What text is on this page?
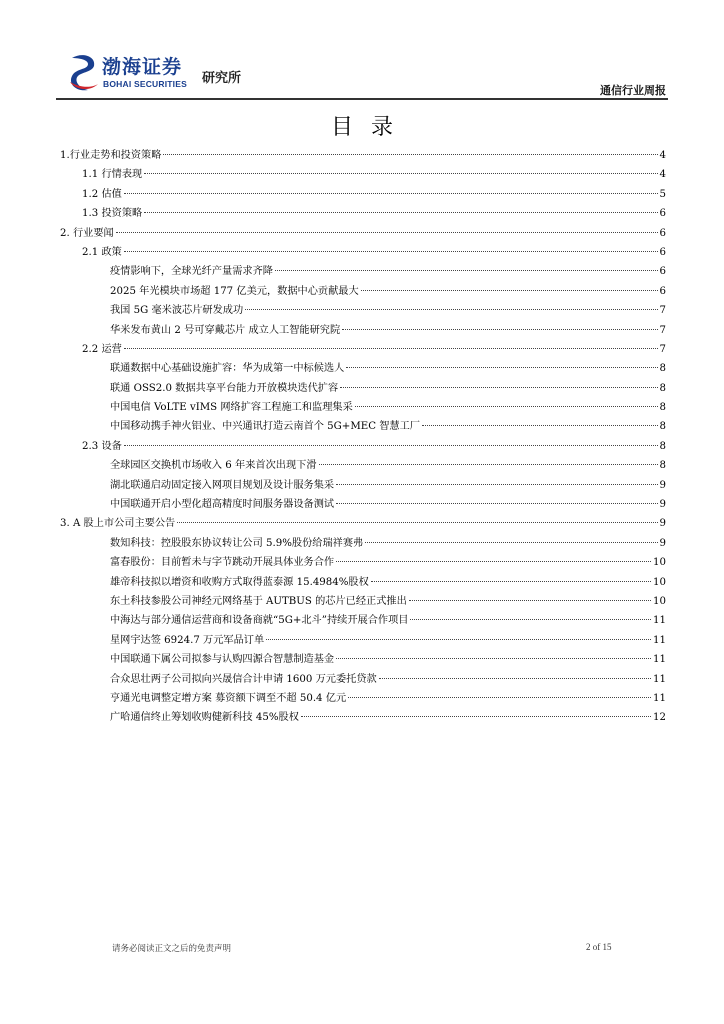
渤海证券
BOHAI SECURITIES 研究所
通信行业周报
目录
1.行业走势和投资策略	4
1.1 行情表现	4
1.2 估值	5
1.3 投资策略	6
2. 行业要闻	6
2.1 政策	6
疫情影响下，全球光纤产量需求齐降	6
2025 年光模块市场超 177 亿美元，数据中心贡献最大	6
我国 5G 毫米波芯片研发成功	7
华米发布黄山 2 号可穿戴芯片 成立人工智能研究院	7
2.2 运营	7
联通数据中心基础设施扩容：华为成第一中标候选人	8
联通 OSS2.0 数据共享平台能力开放模块迭代扩容	8
中国电信 VoLTE vIMS 网络扩容工程施工和监理集采	8
中国移动携手神火铝业、中兴通讯打造云南首个 5G+MEC 智慧工厂	8
2.3 设备	8
全球园区交换机市场收入 6 年来首次出现下滑	8
湖北联通启动固定接入网项目规划及设计服务集采	9
中国联通开启小型化超高精度时间服务器设备测试	9
3. A 股上市公司主要公告	9
数知科技：控股股东协议转让公司 5.9%股份给瑞祥赛弗	9
富春股份：目前暂未与字节跳动开展具体业务合作	10
雄帝科技拟以增资和收购方式取得蓝泰源 15.4984%股权	10
东土科技参股公司神经元网络基于 AUTBUS 的芯片已经正式推出	10
中海达与部分通信运营商和设备商就“5G+北斗”持续开展合作项目	11
星网宇达签 6924.7 万元军品订单	11
中国联通下属公司拟参与认购四源合智慧制造基金	11
合众思壮两子公司拟向兴晟信合计申请 1600 万元委托贷款	11
亨通光电调整定增方案 募资额下调至不超 50.4 亿元	11
广哈通信终止筹划收购健新科技 45%股权	12
请务必阅读正文之后的免责声明	2 of 15
